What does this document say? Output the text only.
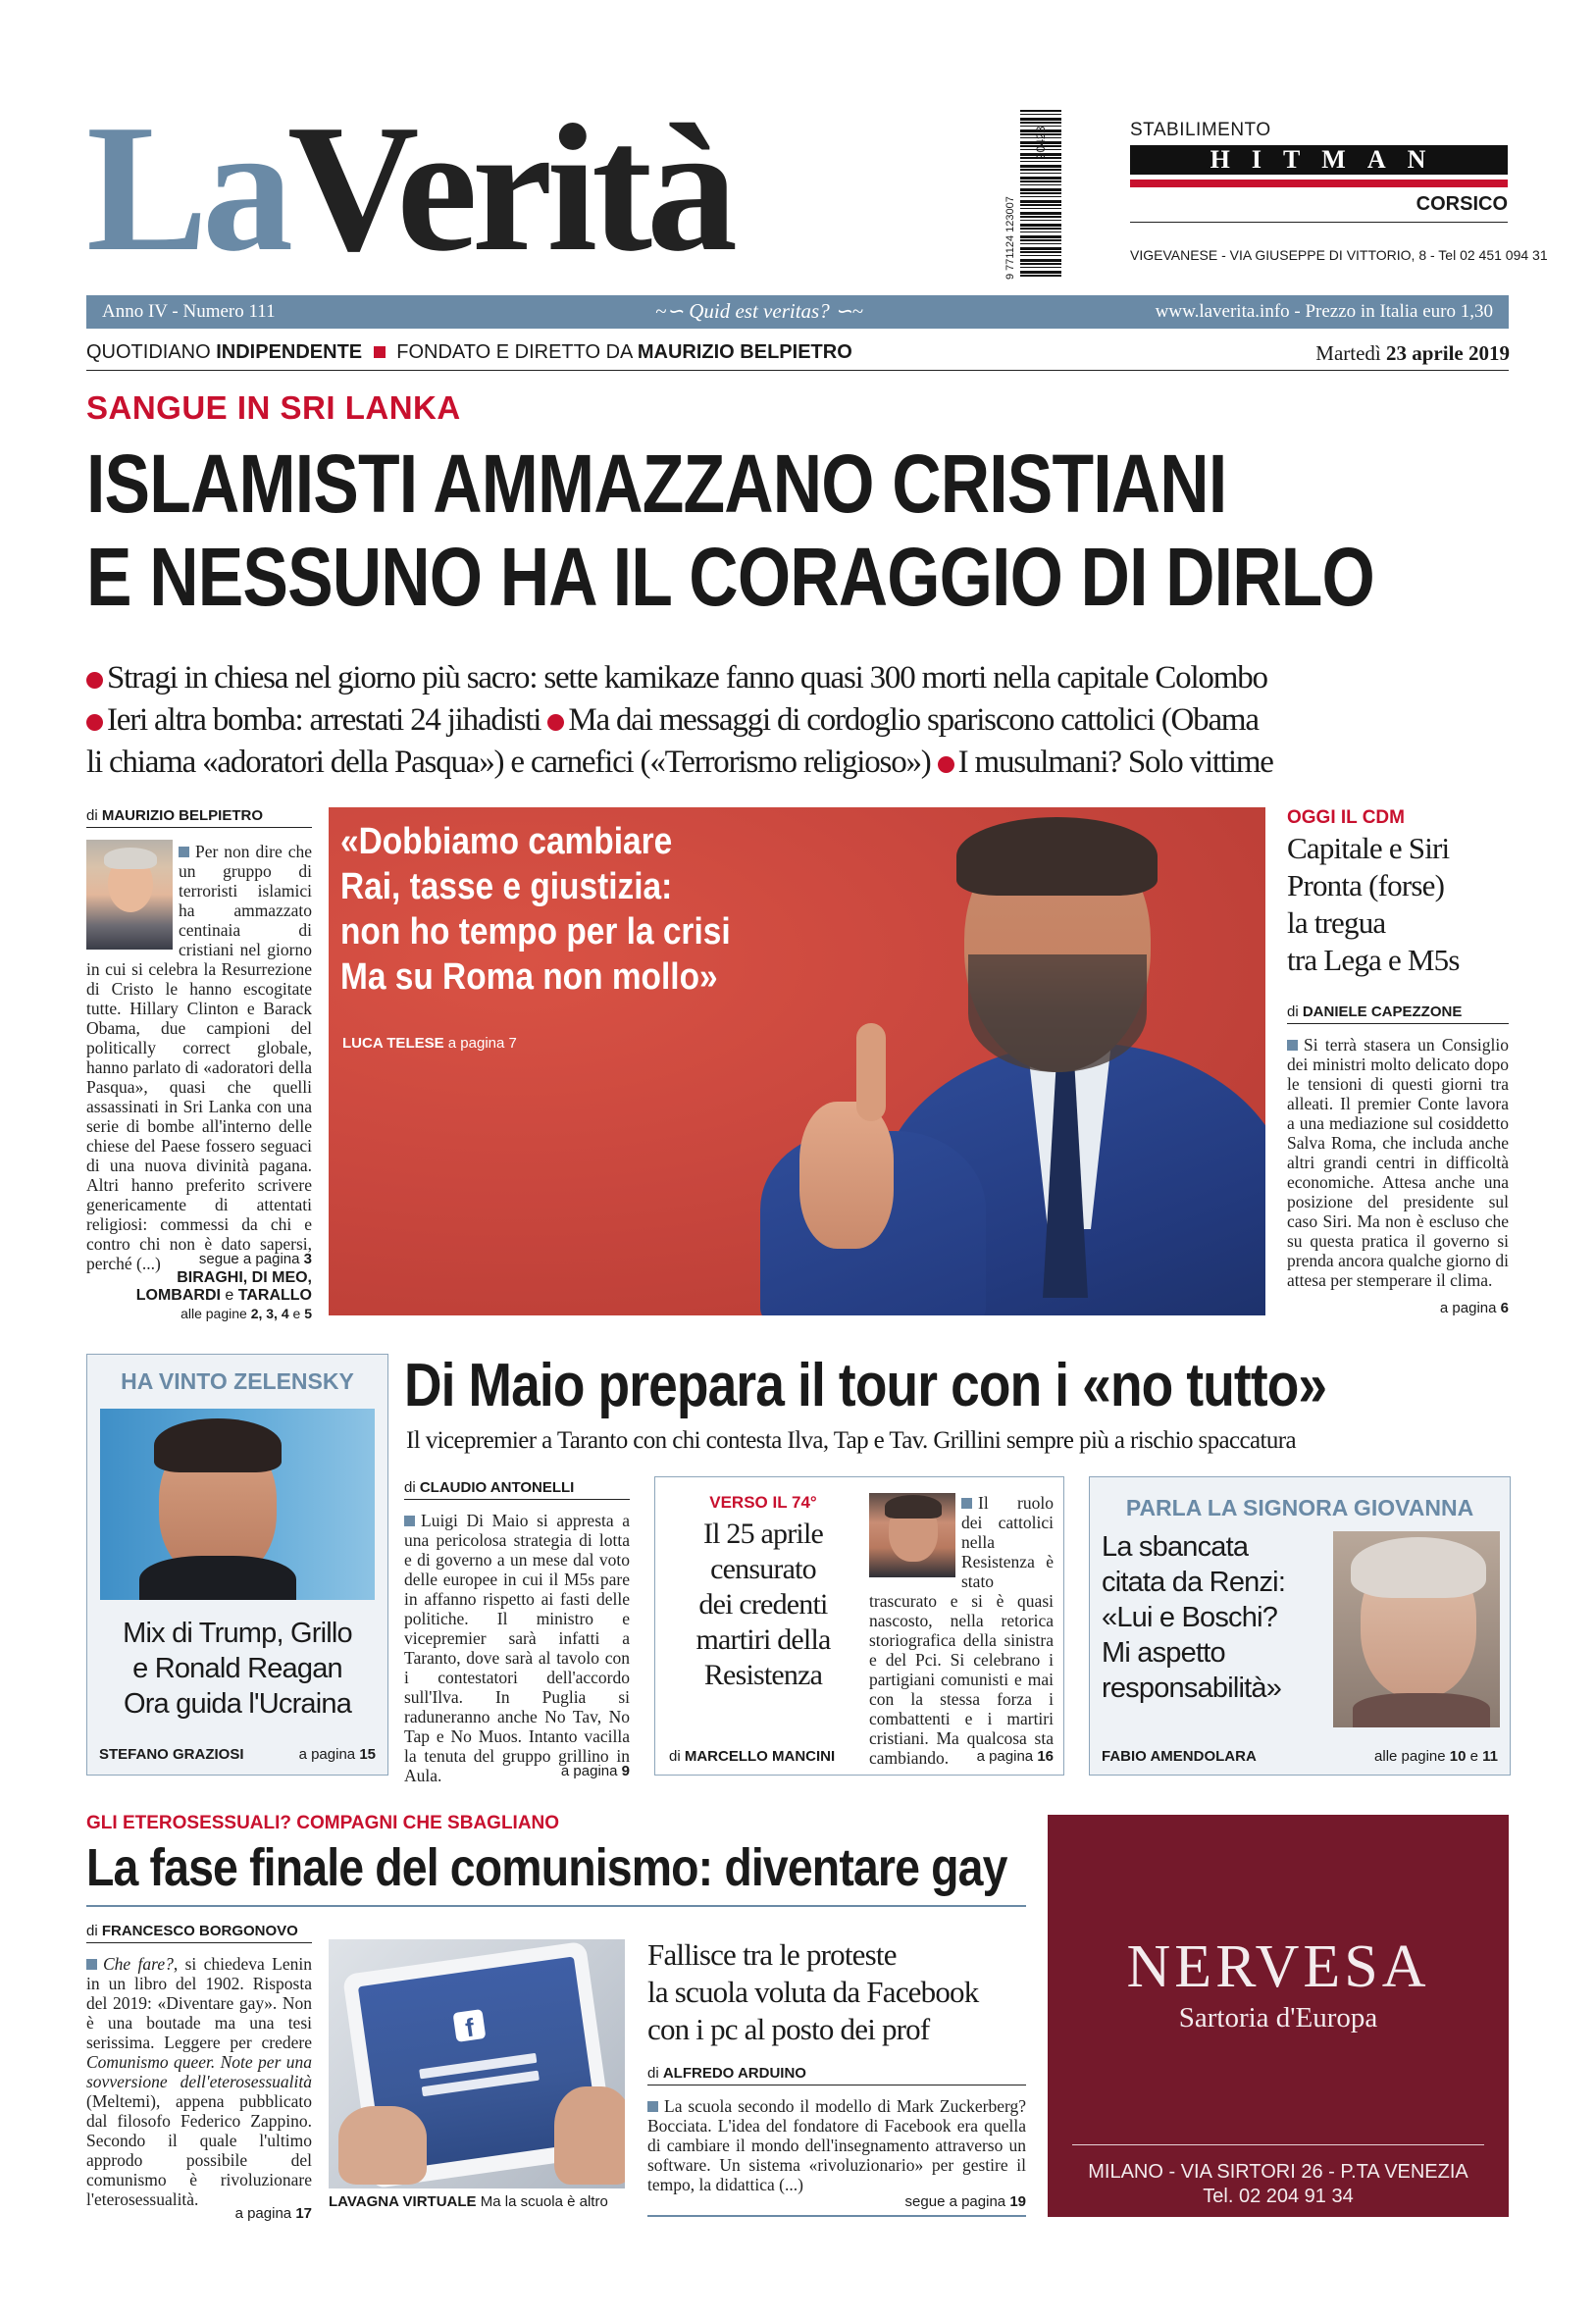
LaVerità	90423
9 771124 123007
STABILIMENTO
HITMAN
CORSICO
VIGEVANESE - VIA GIUSEPPE DI VITTORIO, 8 - Tel 02 451 094 31
Anno IV - Numero 111	~∽ Quid est veritas? ∽~	www.laverita.info - Prezzo in Italia euro 1,30
QUOTIDIANO INDIPENDENTE  FONDATO E DIRETTO DA MAURIZIO BELPIETRO	Martedì 23 aprile 2019
SANGUE IN SRI LANKA
ISLAMISTI AMMAZZANO CRISTIANI
E NESSUNO HA IL CORAGGIO DI DIRLO
Stragi in chiesa nel giorno più sacro: sette kamikaze fanno quasi 300 morti nella capitale Colombo
Ieri altra bomba: arrestati 24 jihadisti Ma dai messaggi di cordoglio spariscono cattolici (Obama
li chiama «adoratori della Pasqua») e carnefici («Terrorismo religioso») I musulmani? Solo vittime
di MAURIZIO BELPIETRO
Per non dire che un gruppo di terroristi islamici ha ammazzato centinaia di cristiani nel giorno in cui si celebra la Resurrezione di Cristo le hanno escogitate tutte. Hillary Clinton e Barack Obama, due campioni del politically correct globale, hanno parlato di «adoratori della Pasqua», quasi che quelli assassinati in Sri Lanka con una serie di bombe all'interno delle chiese del Paese fossero seguaci di una nuova divinità pagana. Altri hanno preferito scrivere genericamente di attentati religiosi: commessi da chi e contro chi non è dato sapersi, perché (...)	segue a pagina 3
BIRAGHI, DI MEO,
LOMBARDI e TARALLO
alle pagine 2, 3, 4 e 5
«Dobbiamo cambiare
Rai, tasse e giustizia:
non ho tempo per la crisi
Ma su Roma non mollo»
LUCA TELESE a pagina 7
OGGI IL CDM
Capitale e Siri
Pronta (forse)
la tregua
tra Lega e M5s
di DANIELE CAPEZZONE
Si terrà stasera un Consiglio dei ministri molto delicato dopo le tensioni di questi giorni tra alleati. Il premier Conte lavora a una mediazione sul cosiddetto Salva Roma, che includa anche altri grandi centri in difficoltà economiche. Attesa anche una posizione del presidente sul caso Siri. Ma non è escluso che su questa pratica il governo si prenda ancora qualche giorno di attesa per stemperare il clima.
a pagina 6
HA VINTO ZELENSKY
Mix di Trump, Grillo
e Ronald Reagan
Ora guida l'Ucraina
STEFANO GRAZIOSI	a pagina 15
Di Maio prepara il tour con i «no tutto»
Il vicepremier a Taranto con chi contesta Ilva, Tap e Tav. Grillini sempre più a rischio spaccatura
di CLAUDIO ANTONELLI
Luigi Di Maio si appresta a una pericolosa strategia di lotta e di governo a un mese dal voto delle europee in cui il M5s pare in affanno rispetto ai fasti delle politiche. Il ministro e vicepremier sarà infatti a Taranto, dove sarà al tavolo con i contestatori dell'accordo sull'Ilva. In Puglia si raduneranno anche No Tav, No Tap e No Muos. Intanto vacilla la tenuta del gruppo grillino in Aula.	a pagina 9
VERSO IL 74°
Il 25 aprile
censurato
dei credenti
martiri della
Resistenza
Il ruolo dei cattolici nella Resistenza è stato trascurato e si è quasi nascosto, nella retorica storiografica della sinistra e del Pci. Si celebrano i partigiani comunisti e mai con la stessa forza i combattenti e i martiri cristiani. Ma qualcosa sta cambiando.
di MARCELLO MANCINI	a pagina 16
PARLA LA SIGNORA GIOVANNA
La sbancata
citata da Renzi:
«Lui e Boschi?
Mi aspetto
responsabilità»
FABIO AMENDOLARA	alle pagine 10 e 11
GLI ETEROSESSUALI? COMPAGNI CHE SBAGLIANO
La fase finale del comunismo: diventare gay
di FRANCESCO BORGONOVO
Che fare?, si chiedeva Lenin in un libro del 1902. Risposta del 2019: «Diventare gay». Non è una boutade ma una tesi serissima. Leggere per credere Comunismo queer. Note per una sovversione dell'eterosessualità (Meltemi), appena pubblicato dal filosofo Federico Zappino. Secondo il quale l'ultimo approdo possibile del comunismo è rivoluzionare l'eterosessualità.
a pagina 17
f
LAVAGNA VIRTUALE Ma la scuola è altro
Fallisce tra le proteste
la scuola voluta da Facebook
con i pc al posto dei prof
di ALFREDO ARDUINO
La scuola secondo il modello di Mark Zuckerberg? Bocciata. L'idea del fondatore di Facebook era quella di cambiare il mondo dell'insegnamento attraverso un software. Un sistema «rivoluzionario» per gestire il tempo, la didattica (...)
segue a pagina 19
NERVESA
Sartoria d'Europa
MILANO - VIA SIRTORI 26 - P.TA VENEZIA
Tel. 02 204 91 34
